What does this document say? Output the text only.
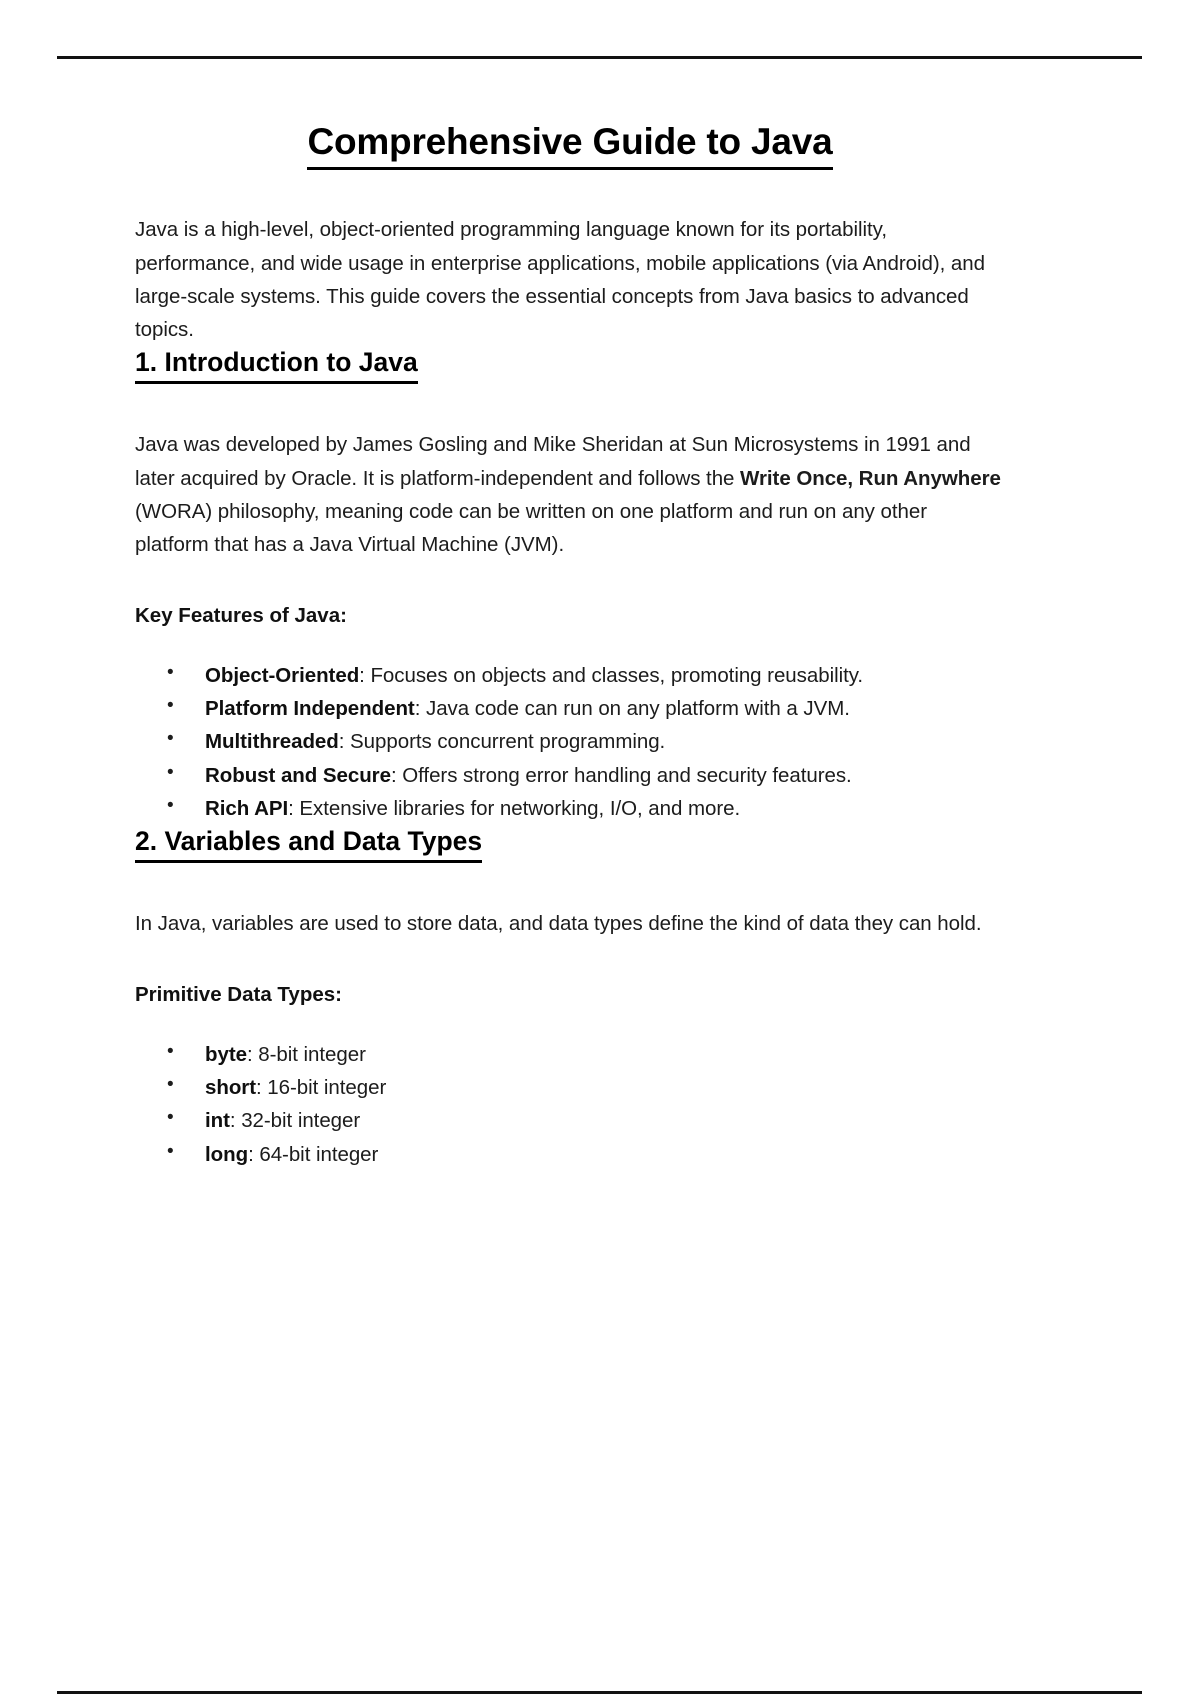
Comprehensive Guide to Java

Java is a high-level, object-oriented programming language known for its portability, performance, and wide usage in enterprise applications, mobile applications (via Android), and large-scale systems. This guide covers the essential concepts from Java basics to advanced topics.

1. Introduction to Java

Java was developed by James Gosling and Mike Sheridan at Sun Microsystems in 1991 and later acquired by Oracle. It is platform-independent and follows the Write Once, Run Anywhere (WORA) philosophy, meaning code can be written on one platform and run on any other platform that has a Java Virtual Machine (JVM).

Key Features of Java:

• Object-Oriented: Focuses on objects and classes, promoting reusability.
• Platform Independent: Java code can run on any platform with a JVM.
• Multithreaded: Supports concurrent programming.
• Robust and Secure: Offers strong error handling and security features.
• Rich API: Extensive libraries for networking, I/O, and more.
2. Variables and Data Types

In Java, variables are used to store data, and data types define the kind of data they can hold.

Primitive Data Types:

• byte: 8-bit integer
• short: 16-bit integer
• int: 32-bit integer
• long: 64-bit integer
